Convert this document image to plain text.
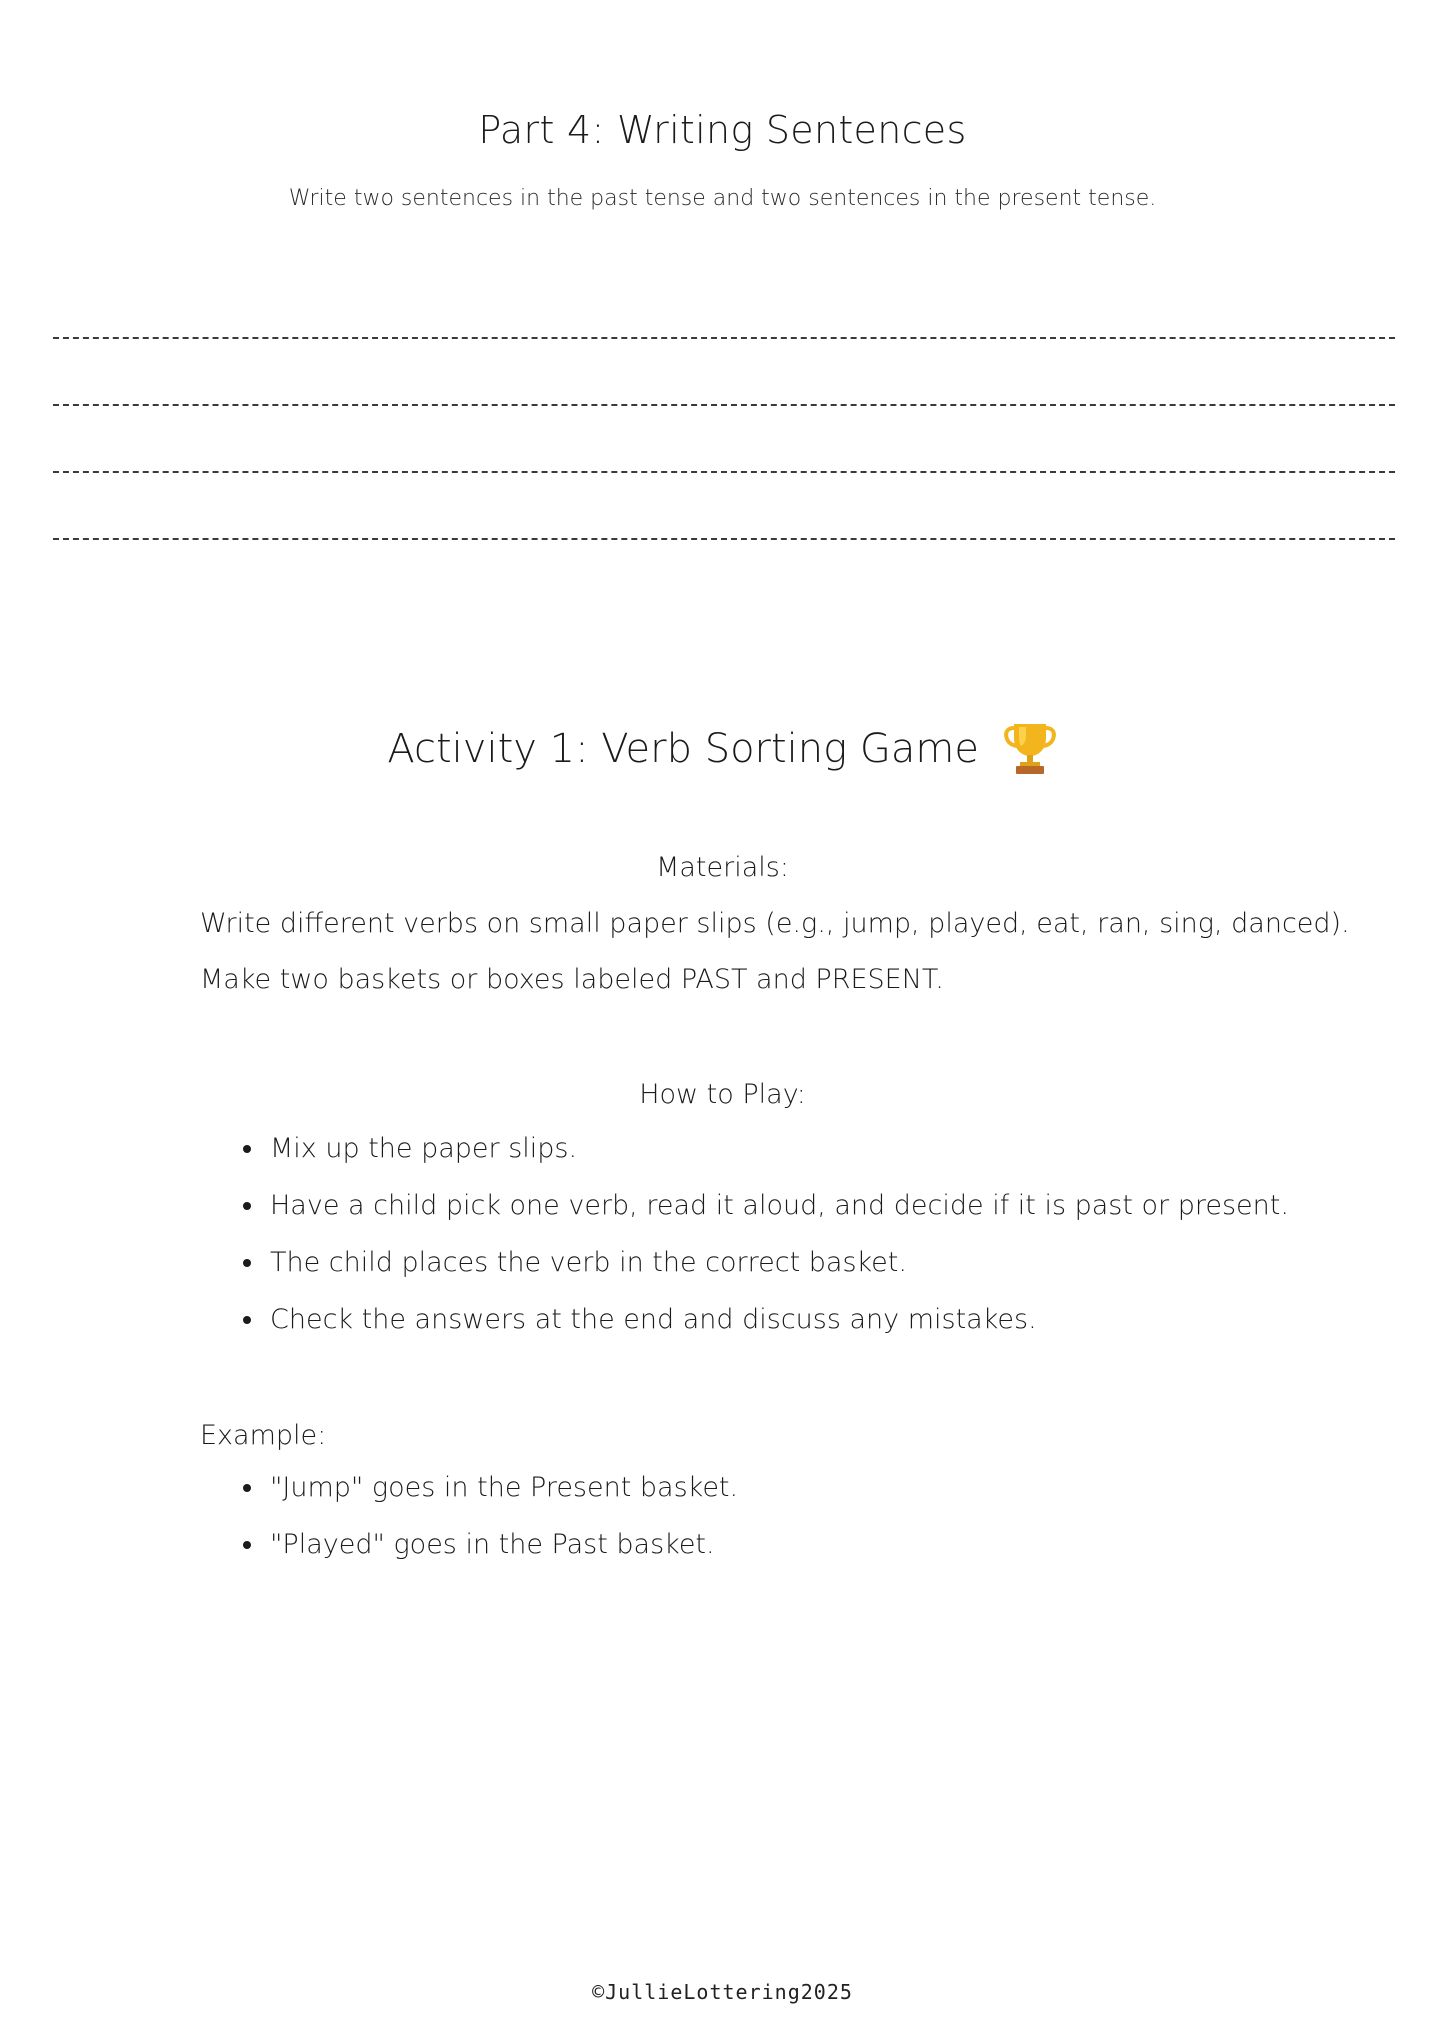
Part 4: Writing Sentences
Write two sentences in the past tense and two sentences in the present tense.
Activity 1: Verb Sorting Game
Materials:
Write different verbs on small paper slips (e.g., jump, played, eat, ran, sing, danced).
Make two baskets or boxes labeled PAST and PRESENT.
How to Play:
Mix up the paper slips.
Have a child pick one verb, read it aloud, and decide if it is past or present.
The child places the verb in the correct basket.
Check the answers at the end and discuss any mistakes.
Example:
"Jump" goes in the Present basket.
"Played" goes in the Past basket.
©JullieLottering2025
